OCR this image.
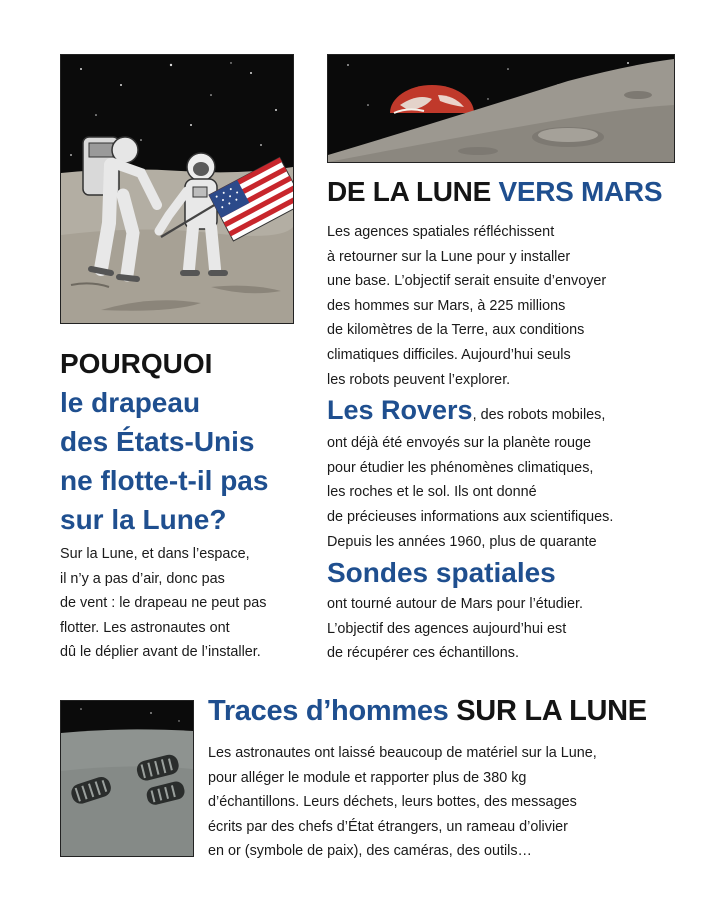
DE LA LUNE VERS MARS
Les agences spatiales réfléchissent
à retourner sur la Lune pour y installer
une base. L’objectif serait ensuite d’envoyer
des hommes sur Mars, à 225 millions
de kilomètres de la Terre, aux conditions
climatiques difficiles. Aujourd’hui seuls
les robots peuvent l’explorer.
Les Rovers, des robots mobiles,
ont déjà été envoyés sur la planète rouge
pour étudier les phénomènes climatiques,
les roches et le sol. Ils ont donné
de précieuses informations aux scientifiques.
Depuis les années 1960, plus de quarante
Sondes spatiales
ont tourné autour de Mars pour l’étudier.
L’objectif des agences aujourd’hui est
de récupérer ces échantillons.
POURQUOI
le drapeau
des États-Unis
ne flotte-t-il pas
sur la Lune?
Sur la Lune, et dans l’espace,
il n’y a pas d’air, donc pas
de vent : le drapeau ne peut pas
flotter. Les astronautes ont
dû le déplier avant de l’installer.
Traces d’hommes SUR LA LUNE
Les astronautes ont laissé beaucoup de matériel sur la Lune,
pour alléger le module et rapporter plus de 380 kg
d’échantillons. Leurs déchets, leurs bottes, des messages
écrits par des chefs d’État étrangers, un rameau d’olivier
en or (symbole de paix), des caméras, des outils…
